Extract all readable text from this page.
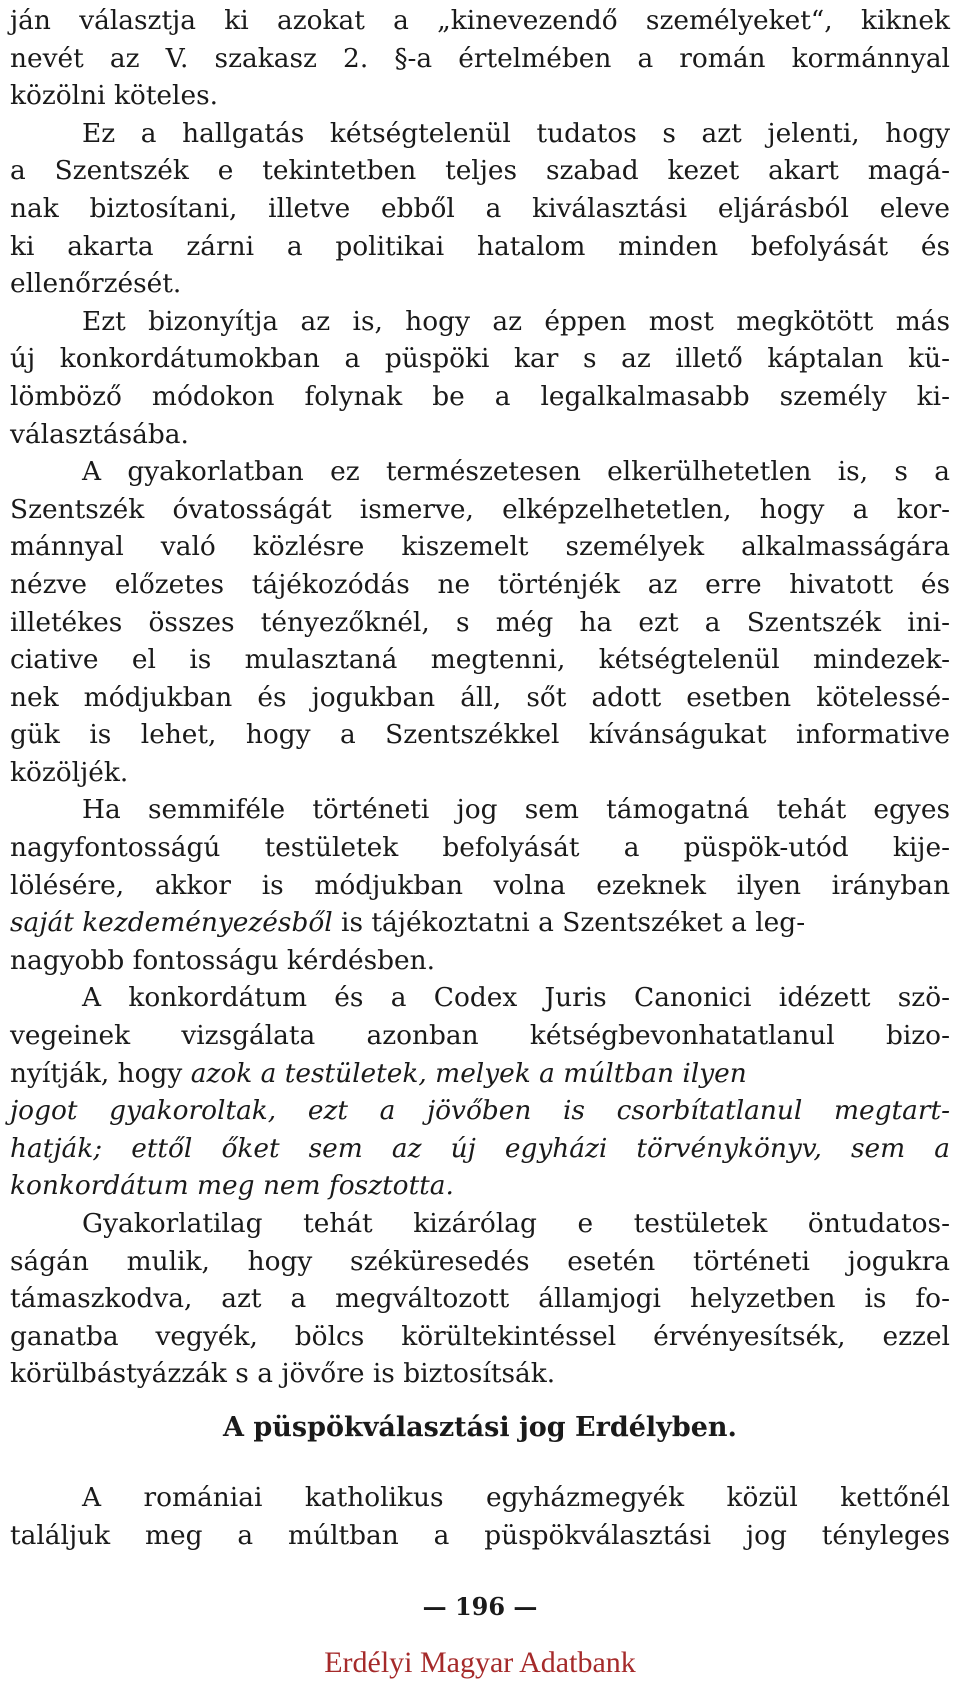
ján választja ki azokat a „kinevezendő személyeket“, kiknek
nevét az V. szakasz 2. §-a értelmében a román kormánnyal
közölni köteles.
Ez a hallgatás kétségtelenül tudatos s azt jelenti, hogy
a Szentszék e tekintetben teljes szabad kezet akart magá-
nak biztosítani, illetve ebből a kiválasztási eljárásból eleve
ki akarta zárni a politikai hatalom minden befolyását és
ellenőrzését.
Ezt bizonyítja az is, hogy az éppen most megkötött más
új konkordátumokban a püspöki kar s az illető káptalan kü-
lömböző módokon folynak be a legalkalmasabb személy ki-
választásába.
A gyakorlatban ez természetesen elkerülhetetlen is, s a
Szentszék óvatosságát ismerve, elképzelhetetlen, hogy a kor-
mánnyal való közlésre kiszemelt személyek alkalmasságára
nézve előzetes tájékozódás ne történjék az erre hivatott és
illetékes összes tényezőknél, s még ha ezt a Szentszék ini-
ciative el is mulasztaná megtenni, kétségtelenül mindezek-
nek módjukban és jogukban áll, sőt adott esetben kötelessé-
gük is lehet, hogy a Szentszékkel kívánságukat informative
közöljék.
Ha semmiféle történeti jog sem támogatná tehát egyes
nagyfontosságú testületek befolyását a püspök-utód kije-
lölésére, akkor is módjukban volna ezeknek ilyen irányban
saját kezdeményezésből is tájékoztatni a Szentszéket a leg-
nagyobb fontosságu kérdésben.
A konkordátum és a Codex Juris Canonici idézett szö-
vegeinek vizsgálata azonban kétségbevonhatatlanul bizo-
nyítják, hogy azok a testületek, melyek a múltban ilyen
jogot gyakoroltak, ezt a jövőben is csorbítatlanul megtart-
hatják; ettől őket sem az új egyházi törvénykönyv, sem a
konkordátum meg nem fosztotta.
Gyakorlatilag tehát kizárólag e testületek öntudatos-
ságán mulik, hogy széküresedés esetén történeti jogukra
támaszkodva, azt a megváltozott államjogi helyzetben is fo-
ganatba vegyék, bölcs körültekintéssel érvényesítsék, ezzel
körülbástyázzák s a jövőre is biztosítsák.
A püspökválasztási jog Erdélyben.
A romániai katholikus egyházmegyék közül kettőnél
találjuk meg a múltban a püspökválasztási jog tényleges
— 196 —
Erdélyi Magyar Adatbank
